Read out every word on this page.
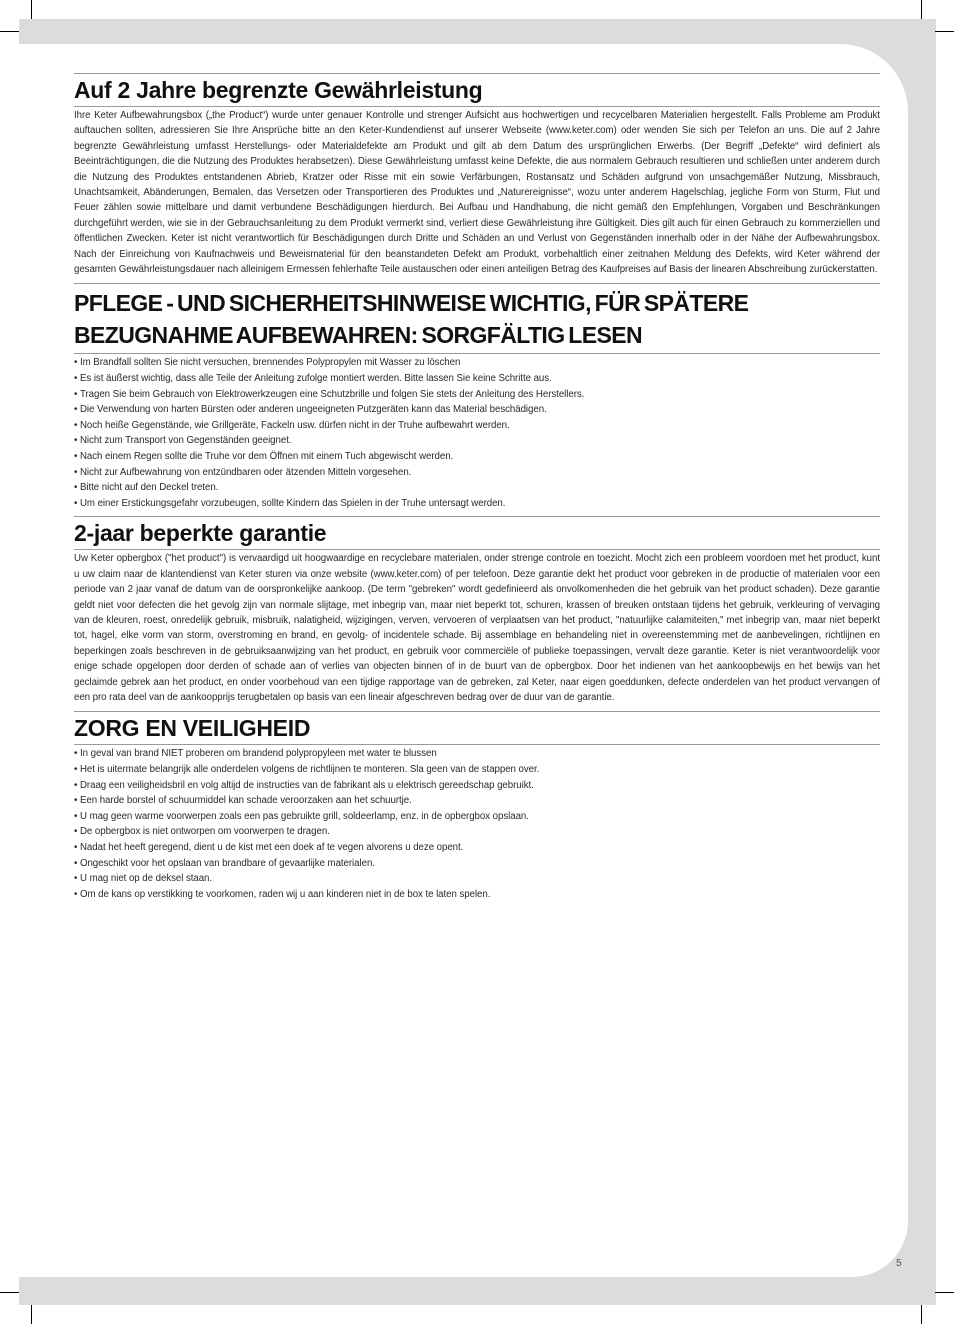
Auf 2 Jahre begrenzte Gewährleistung

Ihre Keter Aufbewahrungsbox („the Product“) wurde unter genauer Kontrolle und strenger Aufsicht aus hochwertigen und recycelbaren Materialien hergestellt. Falls Probleme am Produkt auftauchen sollten, adressieren Sie Ihre Ansprüche bitte an den Keter-Kundendienst auf unserer Webseite (www.keter.com) oder wenden Sie sich per Telefon an uns. Die auf 2 Jahre begrenzte Gewährleistung umfasst Herstellungs- oder Materialdefekte am Produkt und gilt ab dem Datum des ursprünglichen Erwerbs. (Der Begriff „Defekte“ wird definiert als Beeinträchtigungen, die die Nutzung des Produktes herabsetzen). Diese Gewährleistung umfasst keine Defekte, die aus normalem Gebrauch resultieren und schließen unter anderem durch die Nutzung des Produktes entstandenen Abrieb, Kratzer oder Risse mit ein sowie Verfärbungen, Rostansatz und Schäden aufgrund von unsachgemäßer Nutzung, Missbrauch, Unachtsamkeit, Abänderungen, Bemalen, das Versetzen oder Transportieren des Produktes und „Naturereignisse“, wozu unter anderem Hagelschlag, jegliche Form von Sturm, Flut und Feuer zählen sowie mittelbare und damit verbundene Beschädigungen hierdurch. Bei Aufbau und Handhabung, die nicht gemäß den Empfehlungen, Vorgaben und Beschränkungen durchgeführt werden, wie sie in der Gebrauchsanleitung zu dem Produkt vermerkt sind, verliert diese Gewährleistung ihre Gültigkeit. Dies gilt auch für einen Gebrauch zu kommerziellen und öffentlichen Zwecken. Keter ist nicht verantwortlich für Beschädigungen durch Dritte und Schäden an und Verlust von Gegenständen innerhalb oder in der Nähe der Aufbewahrungsbox. Nach der Einreichung von Kaufnachweis und Beweismaterial für den beanstandeten Defekt am Produkt, vorbehaltlich einer zeitnahen Meldung des Defekts, wird Keter während der gesamten Gewährleistungsdauer nach alleinigem Ermessen fehlerhafte Teile austauschen oder einen anteiligen Betrag des Kaufpreises auf Basis der linearen Abschreibung zurückerstatten.

PFLEGE - UND SICHERHEITSHINWEISE WICHTIG, FÜR SPÄTERE BEZUGNAHME AUFBEWAHREN: SORGFÄLTIG LESEN
• Im Brandfall sollten Sie nicht versuchen, brennendes Polypropylen mit Wasser zu löschen
• Es ist äußerst wichtig, dass alle Teile der Anleitung zufolge montiert werden. Bitte lassen Sie keine Schritte aus.
• Tragen Sie beim Gebrauch von Elektrowerkzeugen eine Schutzbrille und folgen Sie stets der Anleitung des Herstellers.
• Die Verwendung von harten Bürsten oder anderen ungeeigneten Putzgeräten kann das Material beschädigen.
• Noch heiße Gegenstände, wie Grillgeräte, Fackeln usw. dürfen nicht in der Truhe aufbewahrt werden.
• Nicht zum Transport von Gegenständen geeignet.
• Nach einem Regen sollte die Truhe vor dem Öffnen mit einem Tuch abgewischt werden.
• Nicht zur Aufbewahrung von entzündbaren oder ätzenden Mitteln vorgesehen.
• Bitte nicht auf den Deckel treten.
• Um einer Erstickungsgefahr vorzubeugen, sollte Kindern das Spielen in der Truhe untersagt werden.
2-jaar beperkte garantie

Uw Keter opbergbox ("het product") is vervaardigd uit hoogwaardige en recyclebare materialen, onder strenge controle en toezicht. Mocht zich een probleem voordoen met het product, kunt u uw claim naar de klantendienst van Keter sturen via onze website (www.keter.com) of per telefoon. Deze garantie dekt het product voor gebreken in de productie of materialen voor een periode van 2 jaar vanaf de datum van de oorspronkelijke aankoop. (De term "gebreken" wordt gedefinieerd als onvolkomenheden die het gebruik van het product schaden). Deze garantie geldt niet voor defecten die het gevolg zijn van normale slijtage, met inbegrip van, maar niet beperkt tot, schuren, krassen of breuken ontstaan tijdens het gebruik, verkleuring of vervaging van de kleuren, roest, onredelijk gebruik, misbruik, nalatigheid, wijzigingen, verven, vervoeren of verplaatsen van het product, "natuurlijke calamiteiten," met inbegrip van, maar niet beperkt tot, hagel, elke vorm van storm, overstroming en brand, en gevolg- of incidentele schade. Bij assemblage en behandeling niet in overeenstemming met de aanbevelingen, richtlijnen en beperkingen zoals beschreven in de gebruiksaanwijzing van het product, en gebruik voor commerciële of publieke toepassingen, vervalt deze garantie. Keter is niet verantwoordelijk voor enige schade opgelopen door derden of schade aan of verlies van objecten binnen of in de buurt van de opbergbox. Door het indienen van het aankoopbewijs en het bewijs van het geclaimde gebrek aan het product, en onder voorbehoud van een tijdige rapportage van de gebreken, zal Keter, naar eigen goeddunken, defecte onderdelen van het product vervangen of een pro rata deel van de aankoopprijs terugbetalen op basis van een lineair afgeschreven bedrag over de duur van de garantie.

ZORG EN VEILIGHEID
• In geval van brand NIET proberen om brandend polypropyleen met water te blussen
• Het is uitermate belangrijk alle onderdelen volgens de richtlijnen te monteren. Sla geen van de stappen over.
• Draag een veiligheidsbril en volg altijd de instructies van de fabrikant als u elektrisch gereedschap gebruikt.
• Een harde borstel of schuurmiddel kan schade veroorzaken aan het schuurtje.
• U mag geen warme voorwerpen zoals een pas gebruikte grill, soldeerlamp, enz. in de opbergbox opslaan.
• De opbergbox is niet ontworpen om voorwerpen te dragen.
• Nadat het heeft geregend, dient u de kist met een doek af te vegen alvorens u deze opent.
• Ongeschikt voor het opslaan van brandbare of gevaarlijke materialen.
• U mag niet op de deksel staan.
• Om de kans op verstikking te voorkomen, raden wij u aan kinderen niet in de box te laten spelen.
5
